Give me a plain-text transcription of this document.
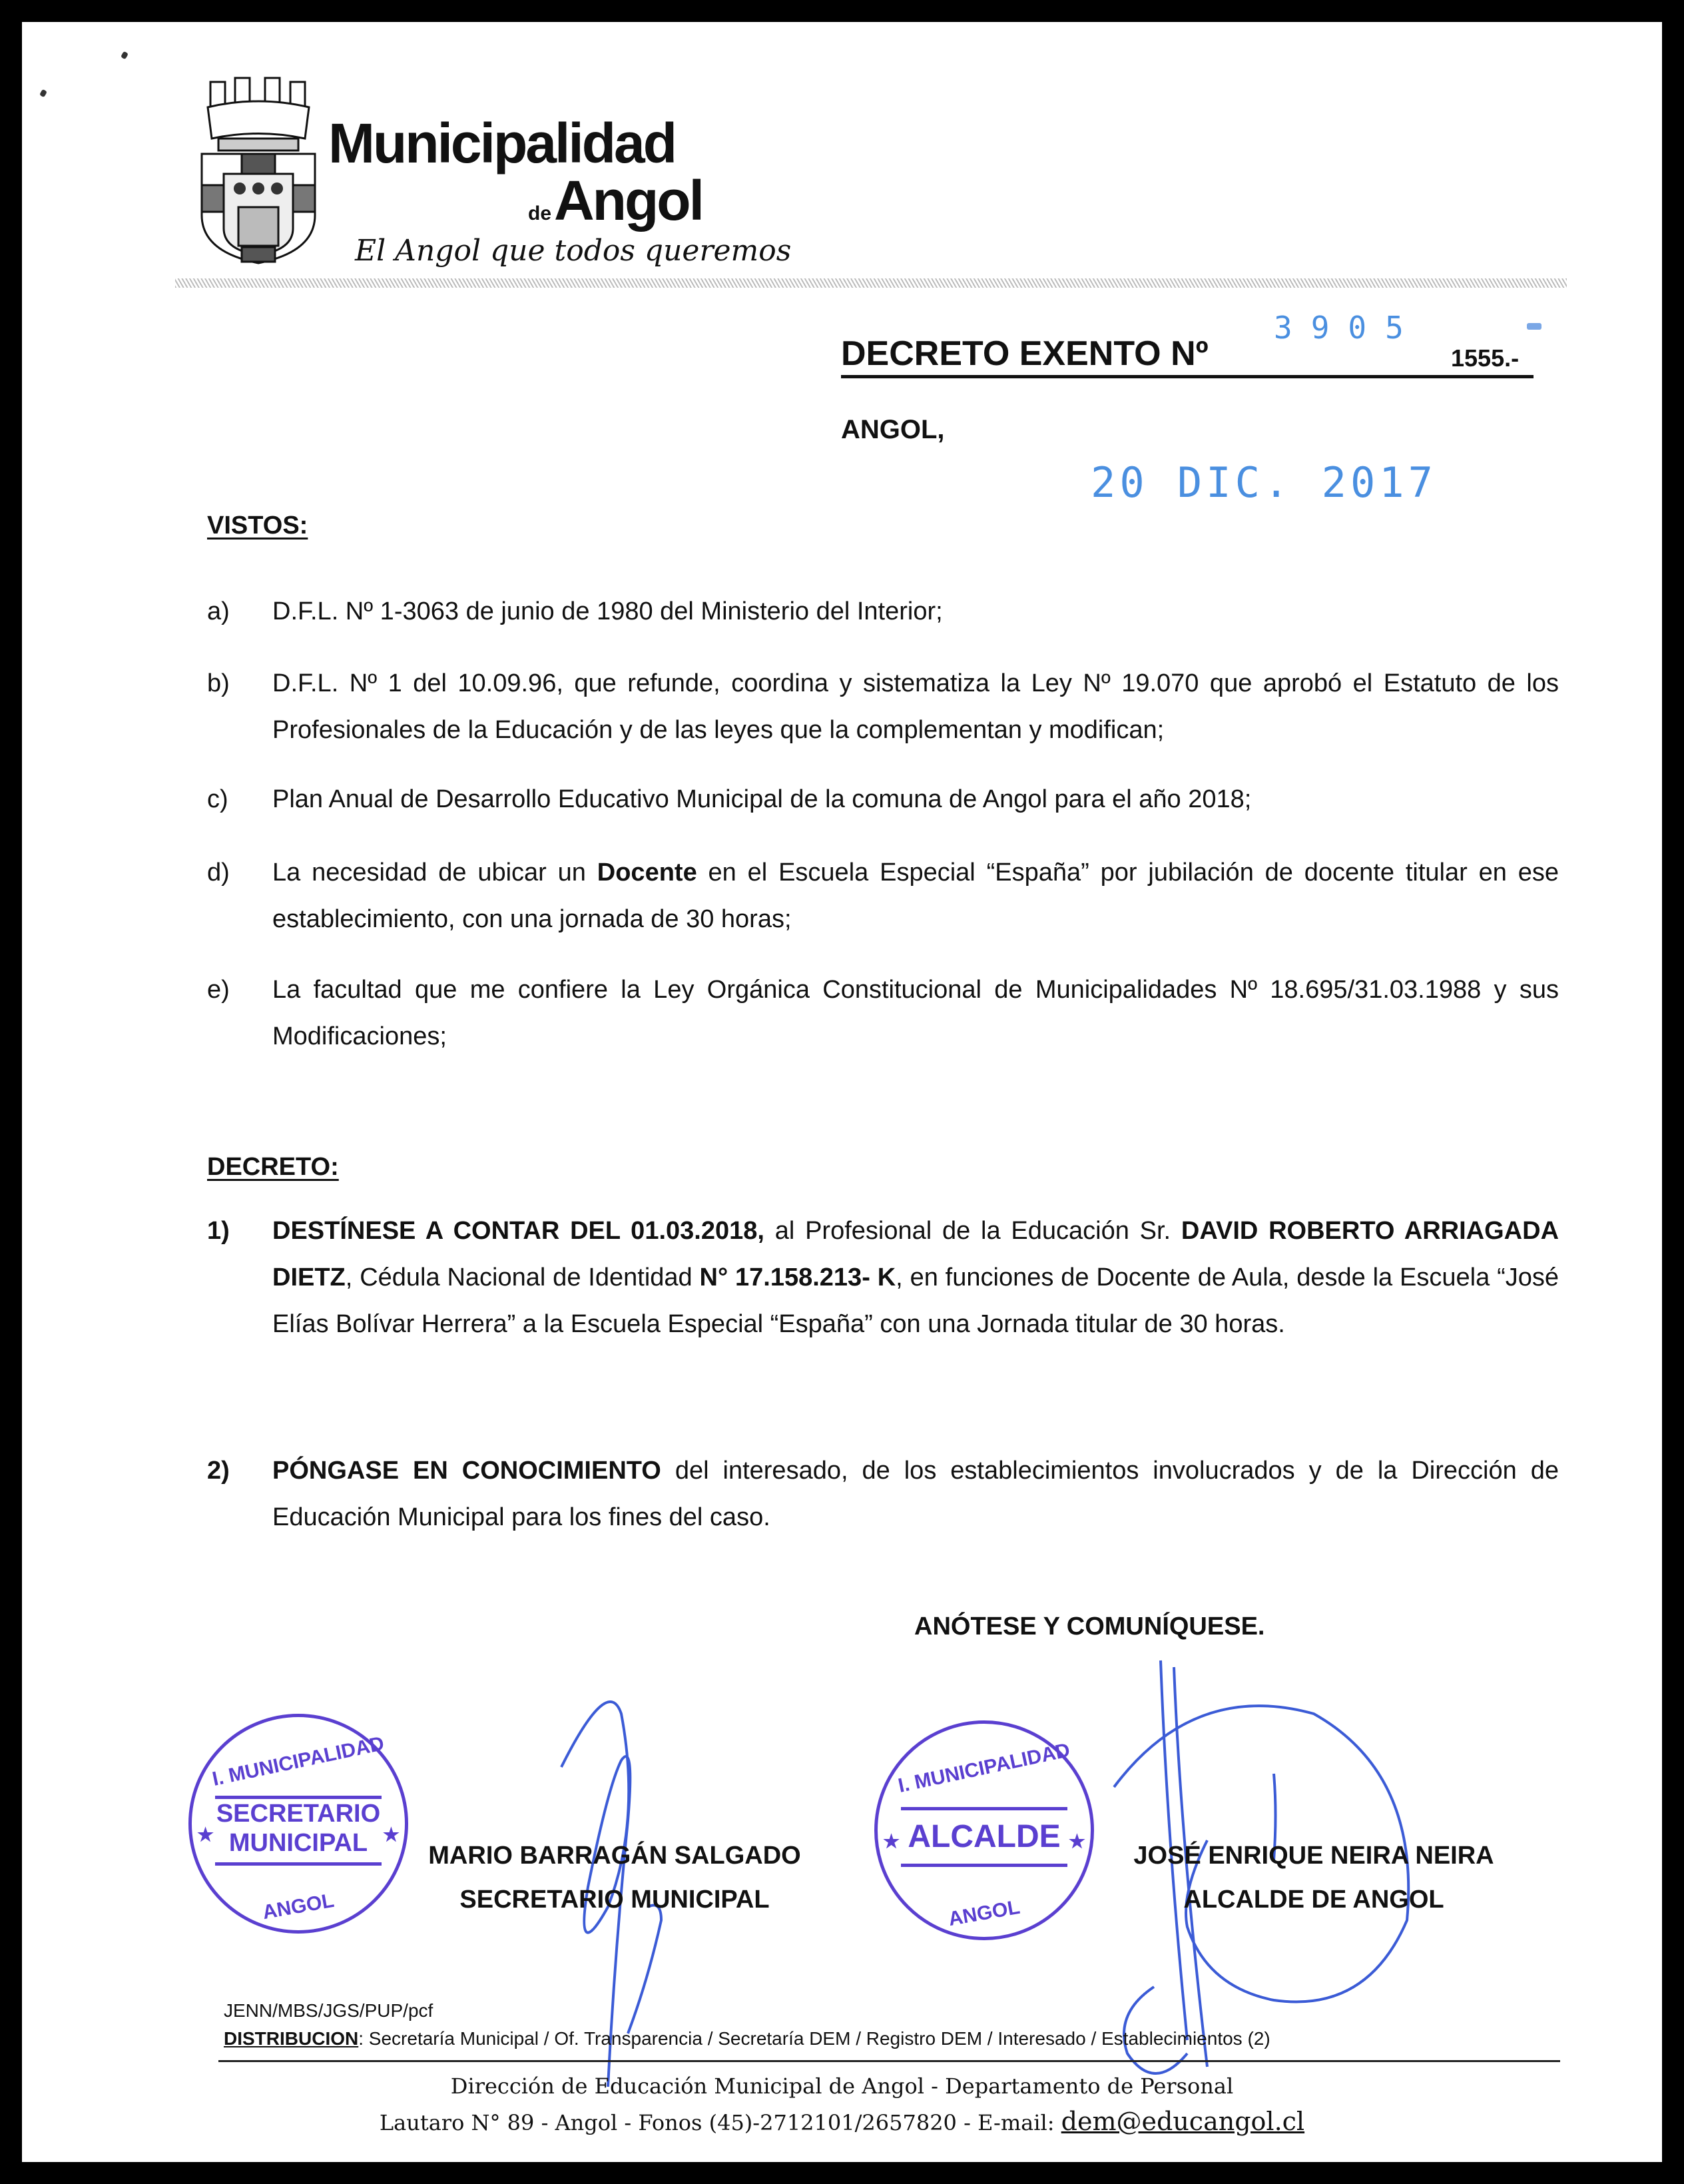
Municipalidad
deAngol
El Angol que todos queremos
DECRETO EXENTO Nº
3905
1555.-
ANGOL,
20 DIC. 2017
VISTOS:
a)	D.F.L. Nº 1-3063 de junio de 1980 del Ministerio del Interior;
b)	D.F.L. Nº 1 del 10.09.96, que refunde, coordina y sistematiza la Ley Nº 19.070 que aprobó el Estatuto de los Profesionales de la Educación y de las leyes que la complementan y modifican;
c)	Plan Anual de Desarrollo Educativo Municipal de la comuna de Angol para el año 2018;
d)	La necesidad de ubicar un Docente en el Escuela Especial “España” por jubilación de docente titular en ese establecimiento, con una jornada de 30 horas;
e)	La facultad que me confiere la Ley Orgánica Constitucional de Municipalidades Nº 18.695/31.03.1988 y sus Modificaciones;
DECRETO:
1)	DESTÍNESE A CONTAR DEL 01.03.2018, al Profesional de la Educación Sr. DAVID ROBERTO ARRIAGADA DIETZ, Cédula Nacional de Identidad N° 17.158.213- K, en funciones de Docente de Aula, desde la Escuela “José Elías Bolívar Herrera” a la Escuela Especial “España” con una Jornada titular de 30 horas.
2)	PÓNGASE EN CONOCIMIENTO del interesado, de los establecimientos involucrados y de la Dirección de Educación Municipal para los fines del caso.
ANÓTESE Y COMUNÍQUESE.
I. MUNICIPALIDAD
SECRETARIO
MUNICIPAL
★	★
ANGOL
I. MUNICIPALIDAD
ALCALDE
★	★
ANGOL
MARIO BARRAGÁN SALGADO
SECRETARIO MUNICIPAL
JOSÉ ENRIQUE NEIRA NEIRA
ALCALDE DE ANGOL
JENN/MBS/JGS/PUP/pcf
DISTRIBUCION: Secretaría Municipal / Of. Transparencia / Secretaría DEM / Registro DEM / Interesado / Establecimientos (2)
Dirección de Educación Municipal de Angol - Departamento de Personal
Lautaro N° 89 - Angol - Fonos (45)-2712101/2657820 - E-mail: dem@educangol.cl
